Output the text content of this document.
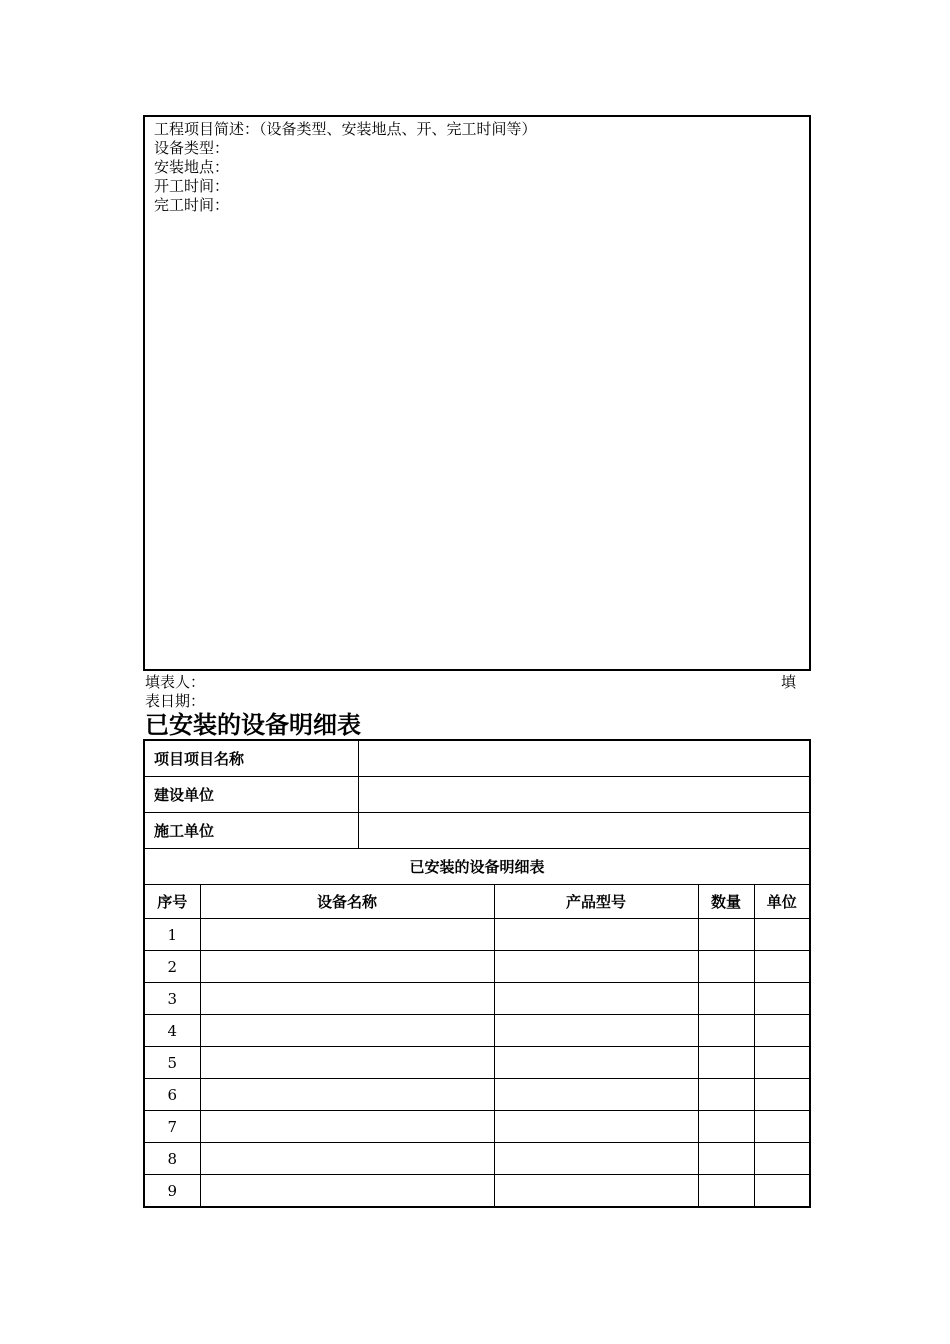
工程项目简述：（设备类型、安装地点、开、完工时间等）
设备类型：
安装地点：
开工时间：
完工时间：
填表人：	填
表日期：
已安装的设备明细表
项目项目名称					
建设单位					
施工单位					
已安装的设备明细表					
序号	设备名称		产品型号	数量	单位
1					
2					
3					
4					
5					
6					
7					
8					
9					
